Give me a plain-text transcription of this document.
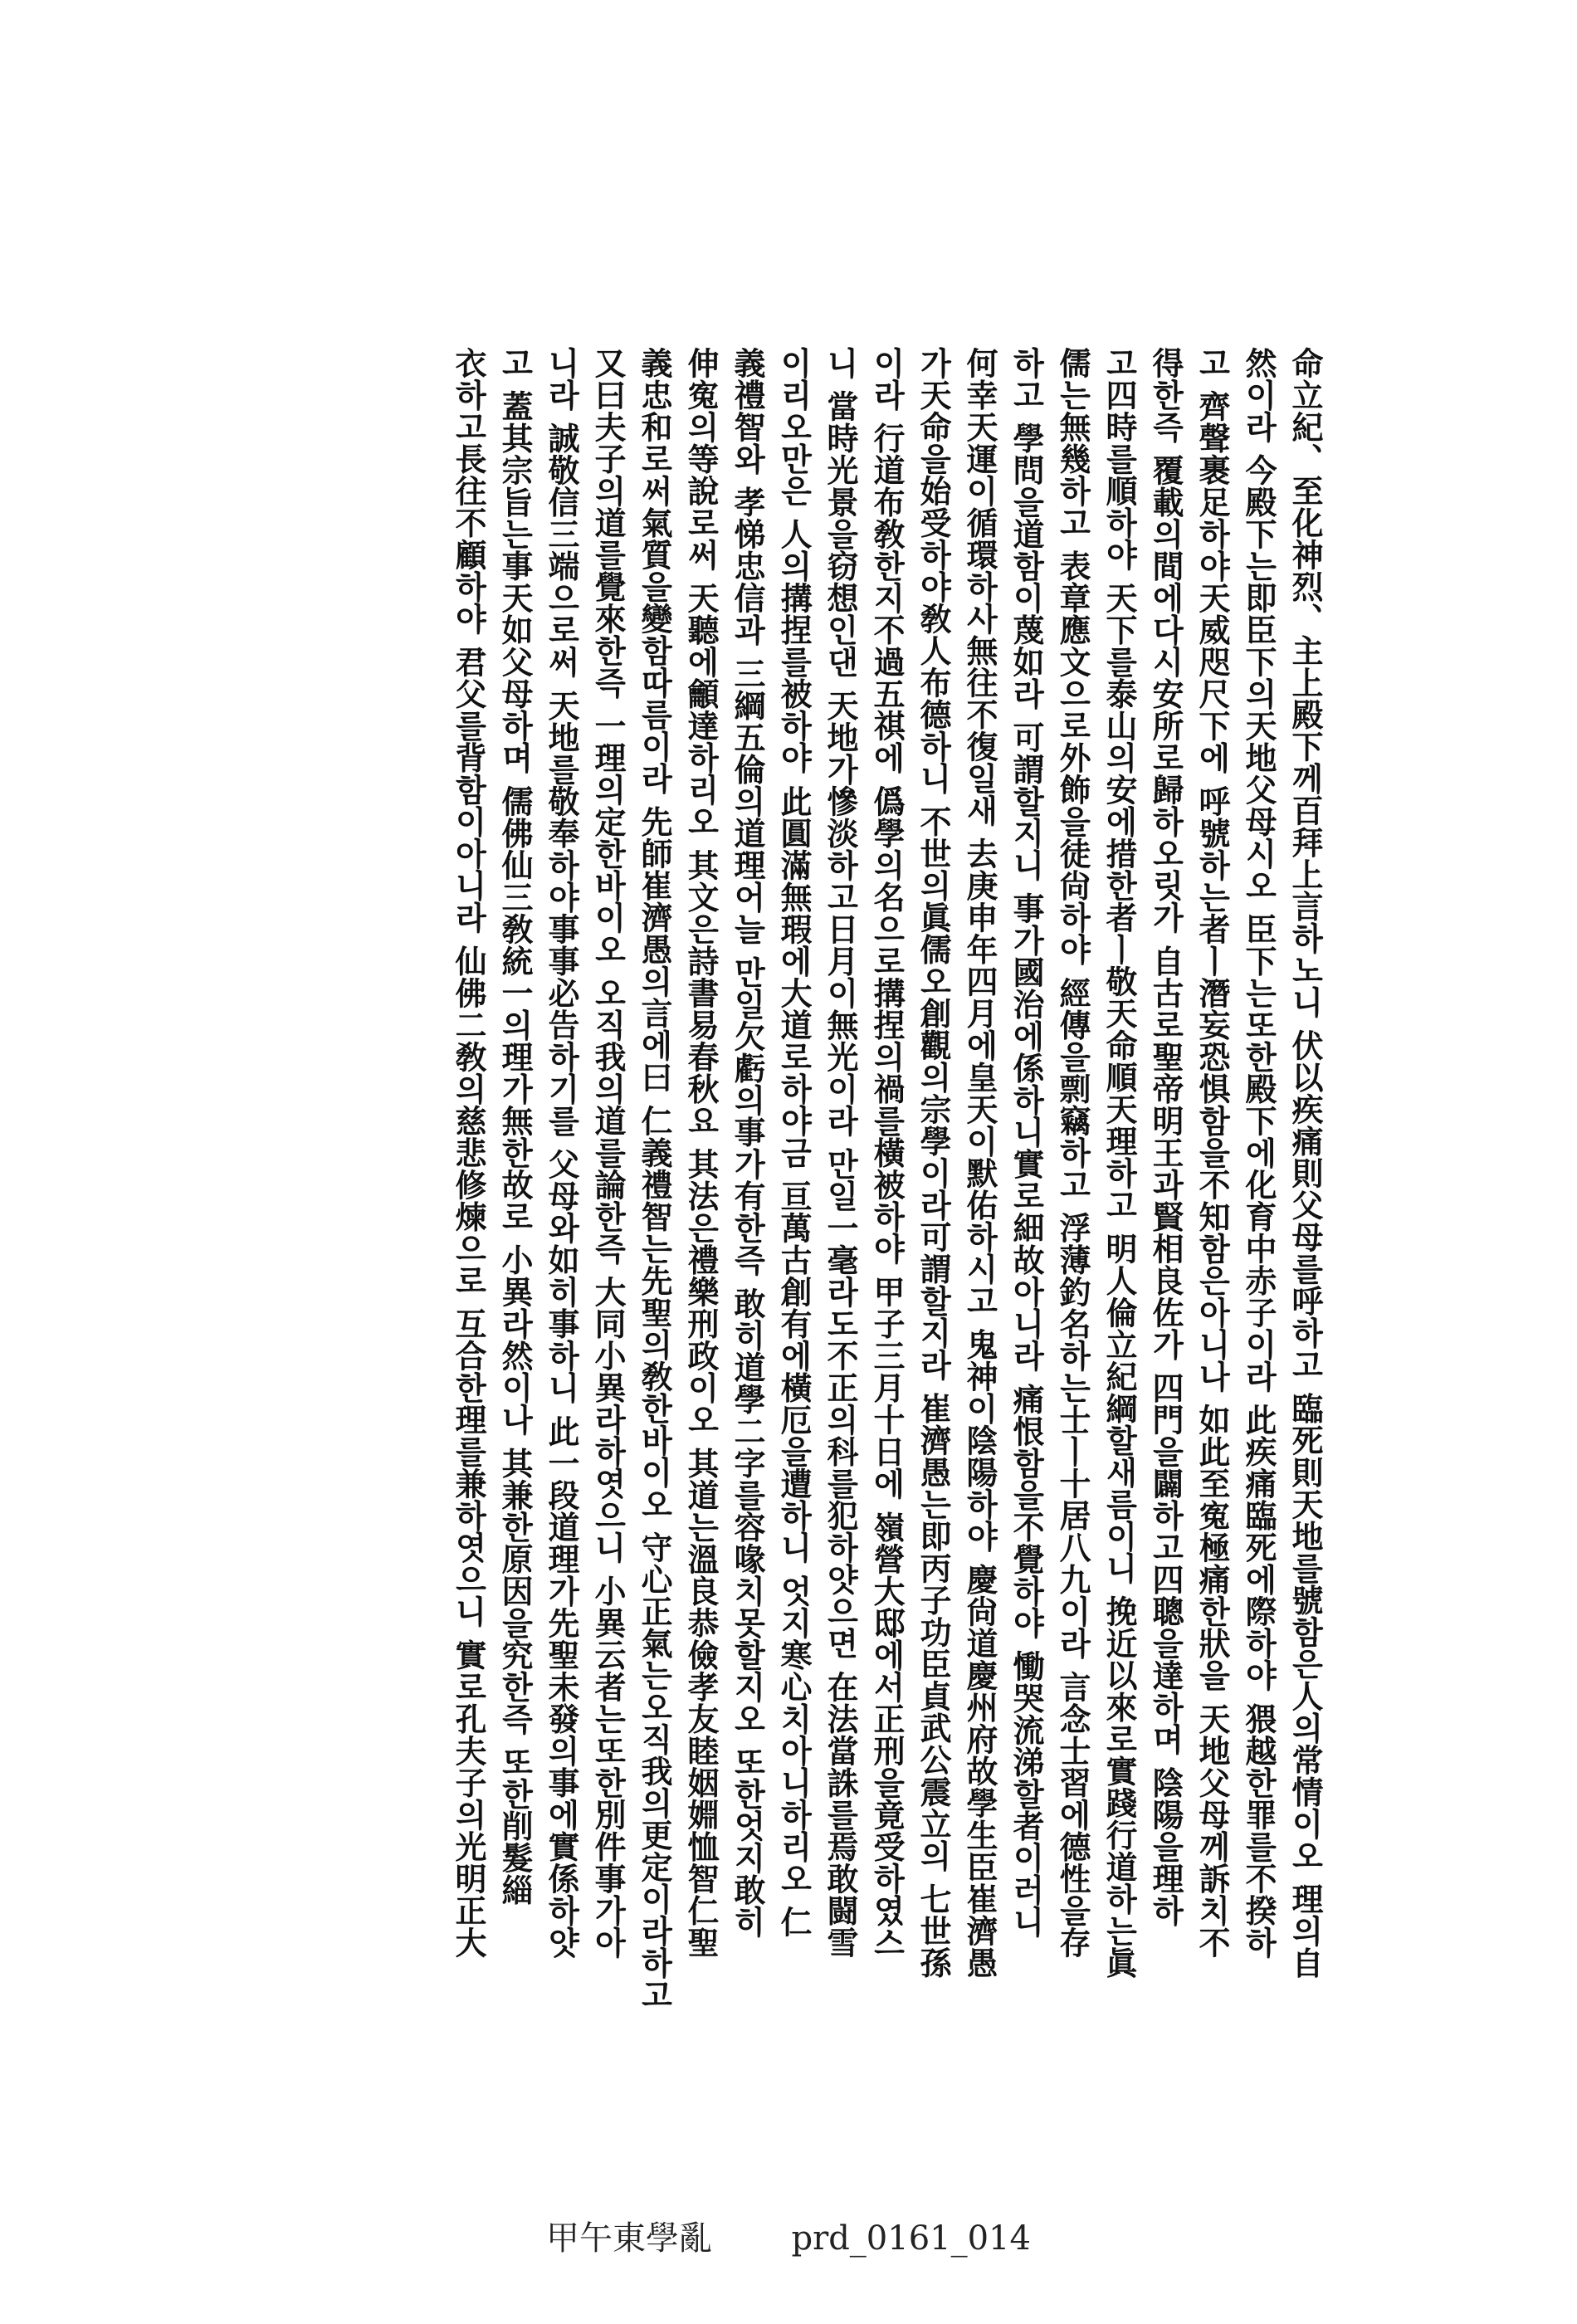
命立紀、至化神烈、主上殿下께百拜上言하노니 伏以疾痛則父母를呼하고 臨死則天地를號함은人의常情이오 理의自
然이라 今殿下는即臣下의天地父母시오 臣下는또한殿下에化育中赤子이라 此疾痛臨死에際하야 猥越한罪를不揆하
고 齊聲裹足하야天威咫尺下에 呼號하는者ㅣ潛妄恐惧함을不知함은아니나 如此至寃極痛한狀을 天地父母께訴치不
得한즉 覆載의間에다시安所로歸하오릿가 自古로聖帝明王과賢相良佐가 四門을闢하고四聰을達하며 陰陽을理하
고四時를順하야 天下를泰山의安에措한者ㅣ敬天命順天理하고 明人倫立紀綱할새름이니 挽近以來로實踐行道하는眞
儒는無幾하고 表章應文으로外飾을徒尙하야 經傳을剽竊하고 浮薄釣名하는士ㅣ十居八九이라 言念士習에德性을存
하고 學問을道함이蔑如라 可謂할지니 事가國治에係하니實로細故아니라 痛恨함을不覺하야 慟哭流涕할者이러니
何幸天運이循環하사無往不復일새 去庚申年四月에皇天이默佑하시고 鬼神이陰陽하야 慶尙道慶州府故學生臣崔濟愚
가天命을始受하야敎人布德하니 不世의眞儒오創觀의宗學이라可謂할지라 崔濟愚는即丙子功臣貞武公震立의 七世孫
이라 行道布敎한지不過五祺에 僞學의名으로搆捏의禍를橫被하야 甲子三月十日에 嶺營大邸에서正刑을竟受하였스
니 當時光景을窃想인댄 天地가慘淡하고日月이無光이라 만일一毫라도不正의科를犯하얏으면 在法當誅를焉敢闘雪
이리오만은 人의搆捏를被하야 此圓滿無瑕에大道로하야금 亘萬古創有에橫厄을遭하니 엇지寒心치아니하리오 仁
義禮智와 孝悌忠信과 三綱五倫의道理어늘 만일欠虧의事가有한즉 敢히道學二字를容喙치못할지오 또한엇지敢히
伸寃의等說로써 天聽에龥達하리오 其文은詩書易春秋요 其法은禮樂刑政이오 其道는溫良恭儉孝友睦姻婣恤智仁聖
義忠和로써氣質을變함따름이라 先師崔濟愚의言에曰 仁義禮智는先聖의敎한바이오 守心正氣는오직我의更定이라하고
又曰夫子의道를覺來한즉 一理의定한바이오 오직我의道를論한즉 大同小異라하엿으니 小異云者는또한別件事가아
니라 誠敬信三端으로써 天地를敬奉하야事事必告하기를 父母와如히事하니 此一段道理가先聖未發의事에實係하얏
고 蓋其宗旨는事天如父母하며 儒佛仙三敎統一의理가無한故로 小異라然이나 其兼한原因을究한즉 또한削髮緇
衣하고長往不顧하야 君父를背함이아니라 仙佛二敎의慈悲修煉으로 互合한理를兼하엿으니 實로孔夫子의光明正大
甲午東學亂 prd_0161_014
